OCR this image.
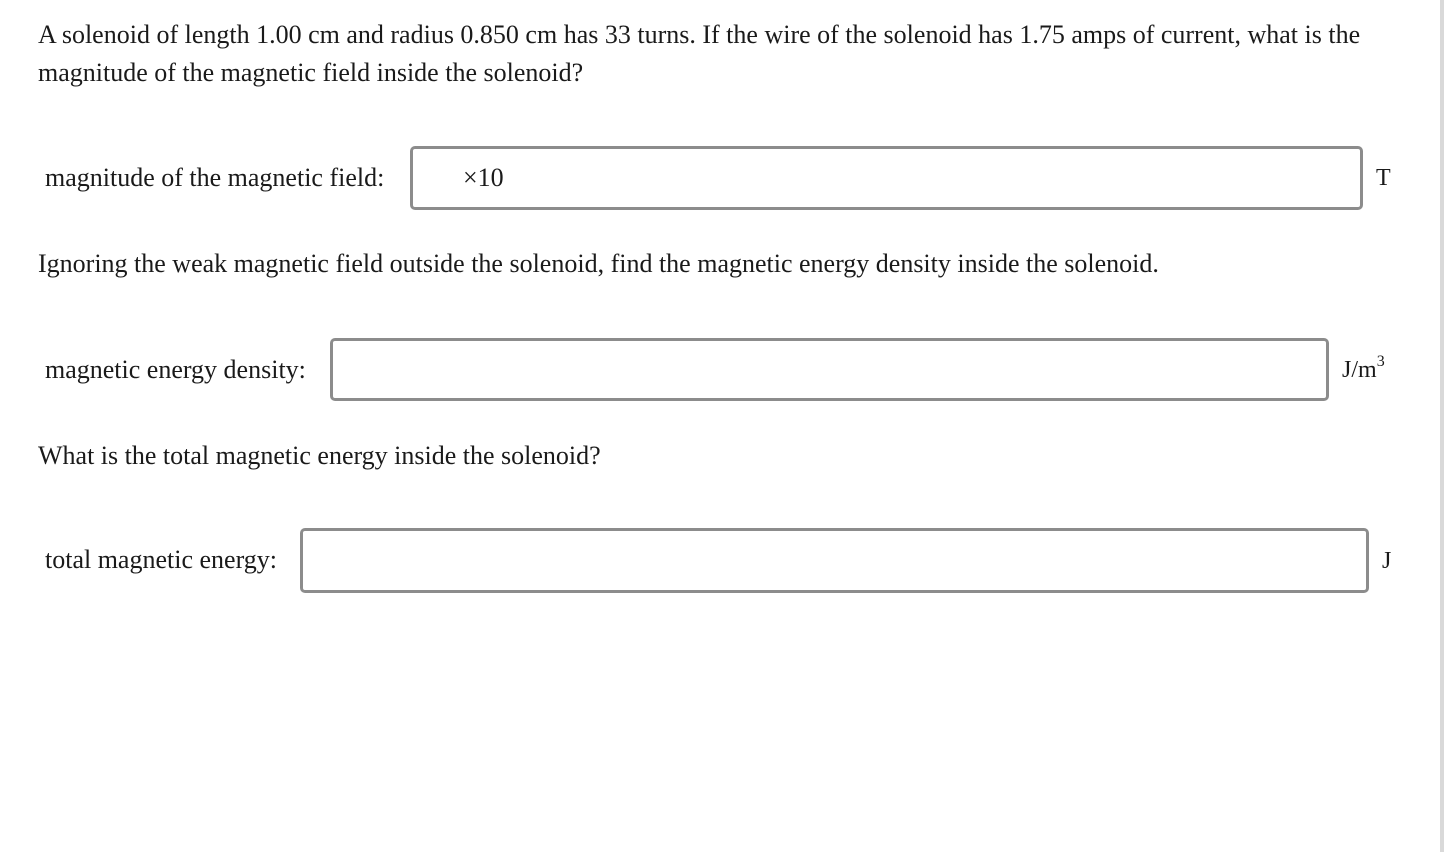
A solenoid of length 1.00 cm and radius 0.850 cm has 33 turns. If the wire of the solenoid has 1.75 amps of current, what is the magnitude of the magnetic field inside the solenoid?

magnitude of the magnetic field:	×10	T

Ignoring the weak magnetic field outside the solenoid, find the magnetic energy density inside the solenoid.

magnetic energy density:	$J/m^3$

What is the total magnetic energy inside the solenoid?

total magnetic energy:	J
